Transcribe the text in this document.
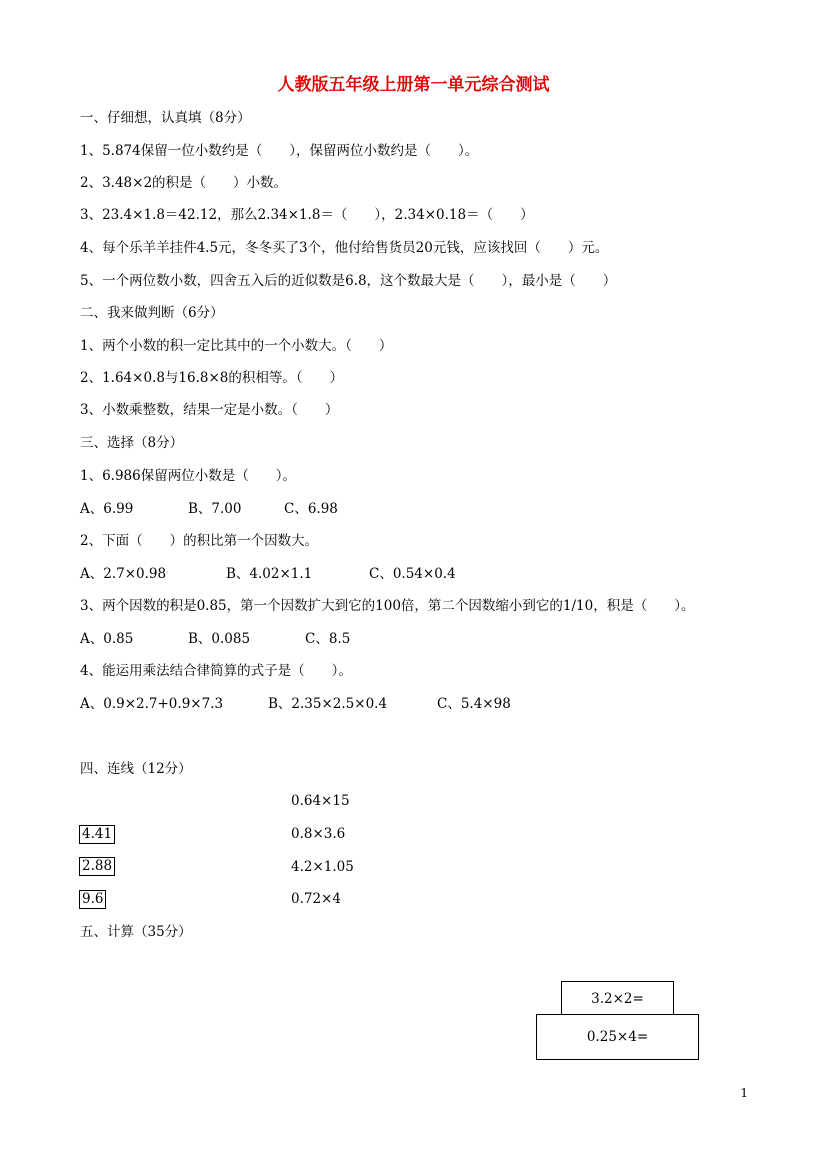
人教版五年级上册第一单元综合测试
一、仔细想，认真填（8分）
1、5.874保留一位小数约是（　　），保留两位小数约是（　　）。
2、3.48×2的积是（　　）小数。
3、23.4×1.8＝42.12，那么2.34×1.8＝（　　），2.34×0.18＝（　　）
4、每个乐羊羊挂件4.5元，冬冬买了3个，他付给售货员20元钱，应该找回（　　）元。
5、一个两位数小数，四舍五入后的近似数是6.8，这个数最大是（　　），最小是（　　）
二、我来做判断（6分）
1、两个小数的积一定比其中的一个小数大。（　　）
2、1.64×0.8与16.8×8的积相等。（　　）
3、小数乘整数，结果一定是小数。（　　）
三、选择（8分）
1、6.986保留两位小数是（　　）。
A、6.99	B、7.00	C、6.98
2、下面（　　）的积比第一个因数大。
A、2.7×0.98	B、4.02×1.1	C、0.54×0.4
3、两个因数的积是0.85，第一个因数扩大到它的100倍，第二个因数缩小到它的1/10，积是（　　）。
A、0.85	B、0.085	C、8.5
4、能运用乘法结合律简算的式子是（　　）。
A、0.9×2.7+0.9×7.3	B、2.35×2.5×0.4	C、5.4×98
四、连线（12分）
0.64×15
0.8×3.6
4.2×1.05
0.72×4
4.41
2.88
9.6
五、计算（35分）
3.2×2=
0.25×4=
1
